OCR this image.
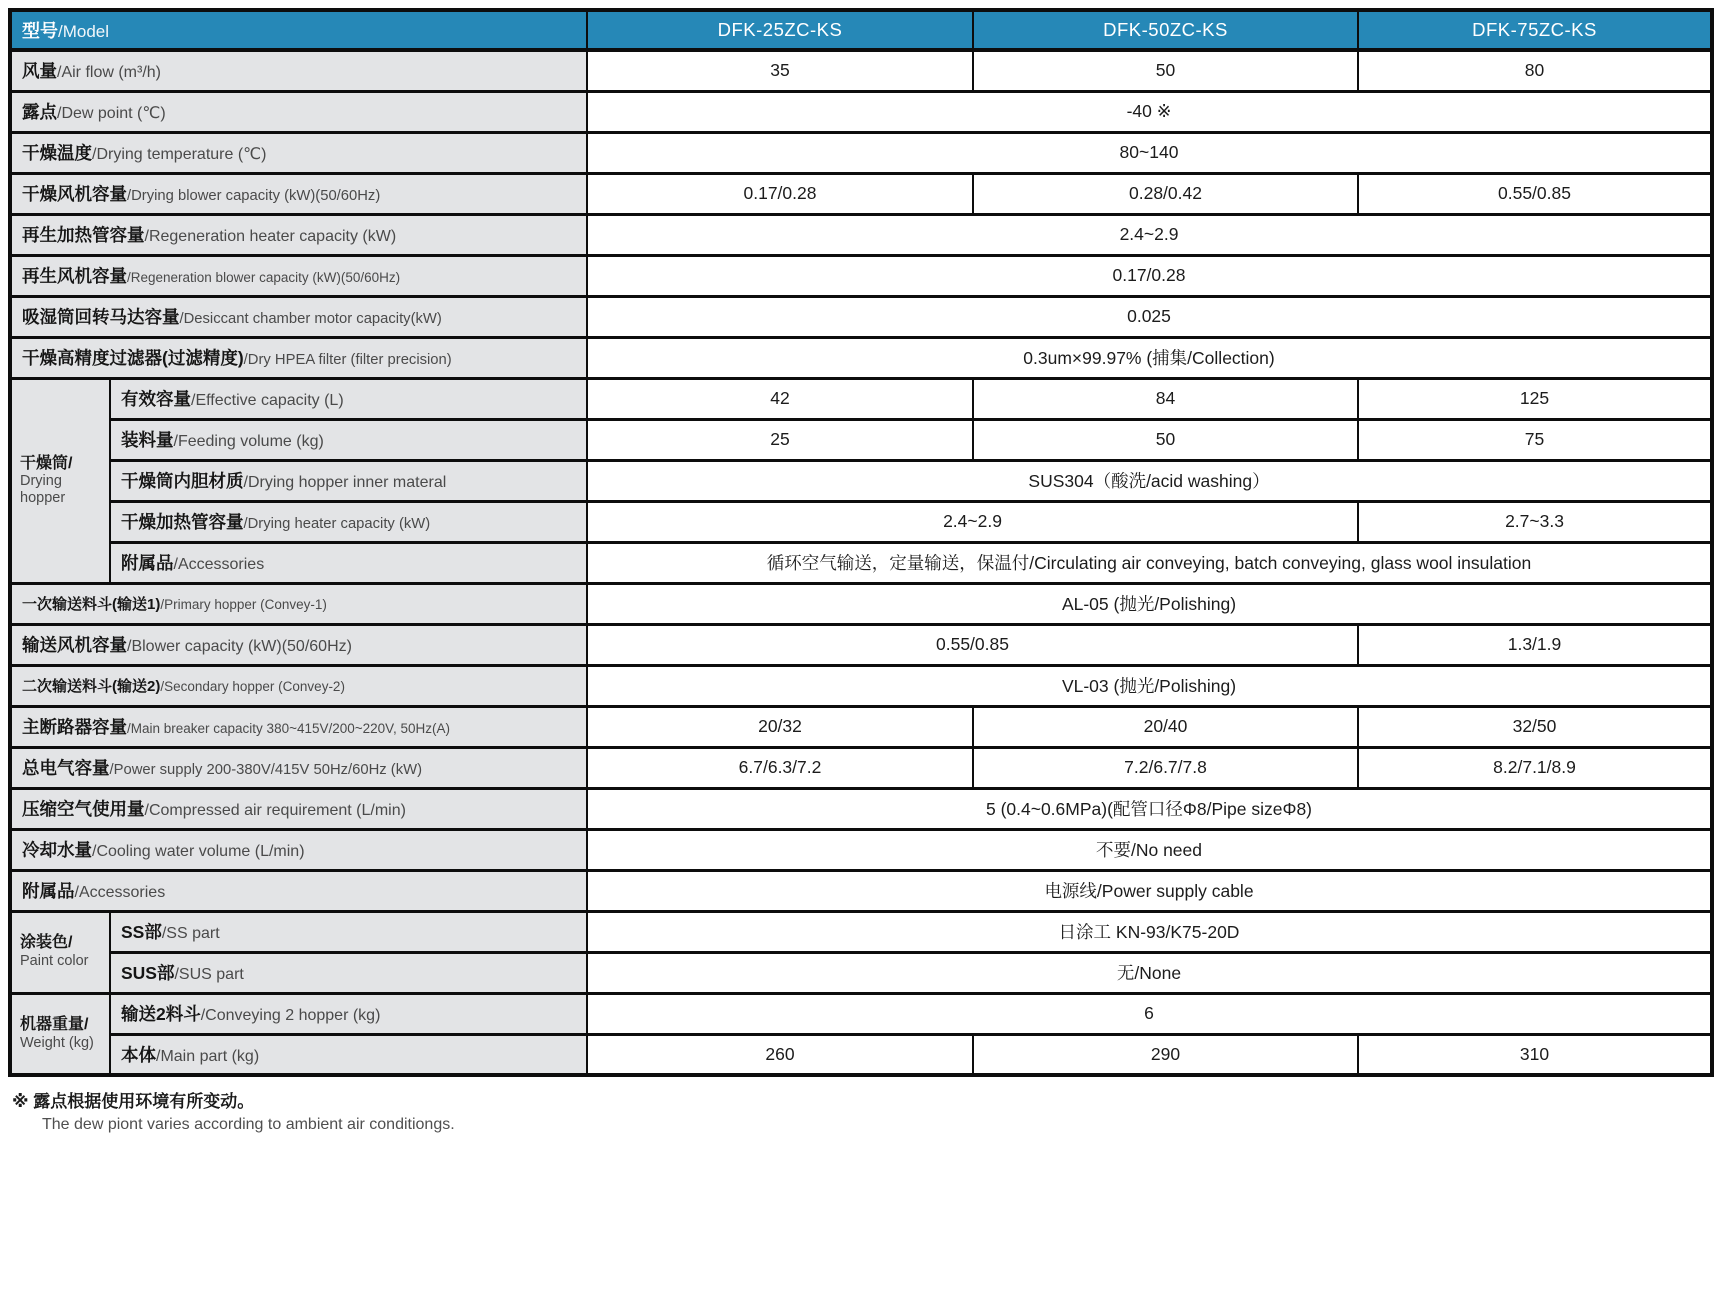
型号/Model		DFK-25ZC-KS	DFK-50ZC-KS	DFK-75ZC-KS
风量/Air flow (m³/h)		35	50	80
露点/Dew point (℃)		-40 ※		
干燥温度/Drying temperature (℃)		80~140		
干燥风机容量/Drying blower capacity (kW)(50/60Hz)		0.17/0.28	0.28/0.42	0.55/0.85
再生加热管容量/Regeneration heater capacity (kW)		2.4~2.9		
再生风机容量/Regeneration blower capacity (kW)(50/60Hz)		0.17/0.28		
吸湿筒回转马达容量/Desiccant chamber motor capacity(kW)		0.025		
干燥高精度过滤器(过滤精度)/Dry HPEA filter (filter precision)		0.3um×99.97% (捕集/Collection)		

干燥筒/
Drying hopper	有效容量/Effective capacity (L)	42	84	125
	装料量/Feeding volume (kg)	25	50	75
	干燥筒内胆材质/Drying hopper inner materal	SUS304（酸洗/acid washing）		
	干燥加热管容量/Drying heater capacity (kW)	2.4~2.9		2.7~3.3
	附属品/Accessories	循环空气输送，定量输送，保温付/Circulating air conveying, batch conveying, glass wool insulation		
一次输送料斗(输送1)/Primary hopper (Convey-1)		AL-05 (抛光/Polishing)		
输送风机容量/Blower capacity (kW)(50/60Hz)		0.55/0.85		1.3/1.9
二次输送料斗(输送2)/Secondary hopper (Convey-2)		VL-03 (抛光/Polishing)		
主断路器容量/Main breaker capacity 380~415V/200~220V, 50Hz(A)		20/32	20/40	32/50
总电气容量/Power supply 200-380V/415V 50Hz/60Hz (kW)		6.7/6.3/7.2	7.2/6.7/7.8	8.2/7.1/8.9
压缩空气使用量/Compressed air requirement (L/min)		5 (0.4~0.6MPa)(配管口径Φ8/Pipe sizeΦ8)		
冷却水量/Cooling water volume (L/min)		不要/No need		
附属品/Accessories		电源线/Power supply cable		

涂装色/
Paint color	SS部/SS part	日涂工 KN-93/K75-20D		
	SUS部/SUS part	无/None		

机器重量/
Weight (kg)	输送2料斗/Conveying 2 hopper (kg)	6		
	本体/Main part (kg)	260	290	310
※ 露点根据使用环境有所变动。
The dew piont varies according to ambient air conditiongs.
